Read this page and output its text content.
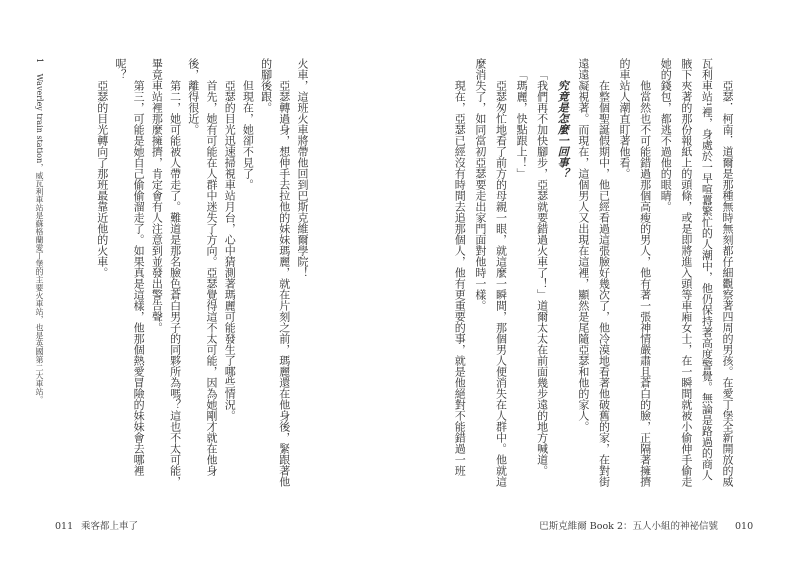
1 Waverley train station，威瓦利車站是蘇格蘭愛丁堡的主要火車站，也是英國第二大車站。
011 乘客都上車了
火車，這班火車將帶他回到巴斯克維爾學院！
亞瑟轉過身，想伸手去拉他的妹妹瑪麗，就在片刻之前，瑪麗還在他身後，緊跟著他
的腳後跟。
但現在，她卻不見了。
亞瑟的目光迅速掃視車站月台，心中猜測著瑪麗可能發生了哪些情況。
首先，她有可能在人群中迷失了方向。亞瑟覺得這不太可能，因為她剛才就在他身
後，離得很近。
第二，她可能被人帶走了。難道是那名臉色蒼白男子的同夥所為嗎？這也不太可能，
畢竟車站裡那麼擁擠，肯定會有人注意到並發出警告聲。
第三，可能是她自己偷偷溜走了。如果真是這樣，他那個熱愛冒險的妹妹會去哪裡
呢？
亞瑟的目光轉向了那班最靠近他的火車。
巴斯克維爾 Book 2：五人小組的神祕信號 010
亞瑟．柯南．道爾是那種無時無刻都仔細觀察著四周的男孩。在愛丁堡全新開放的威
瓦利車站¹裡，身處於一早喧囂繁忙的人潮中，他仍保持著高度警覺。無論是路過的商人
腋下夾著的那份報紙上的頭條，或是即將進入頭等車廂女士，在一瞬間就被小偷伸手偷走
她的錢包，都逃不過他的眼睛。
他當然也不可能錯過那個高瘦的男人，他有著一張神情嚴肅且蒼白的臉，正隔著擁擠
的車站人潮直盯著他看。
在整個聖誕假期中，他已經看過這張臉好幾次了，他冷漠地看著他破舊的家，在對街
遠遠凝視著。而現在，這個男人又出現在這裡，顯然是尾隨亞瑟和他的家人。
究竟是怎麼一回事？
「我們再不加快腳步，亞瑟就要錯過火車了！」道爾太太在前面幾步遠的地方喊道。
「瑪麗，快點跟上！」
亞瑟匆忙地看了前方的母親一眼，就這麼一瞬間，那個男人便消失在人群中。他就這
麼消失了，如同當初亞瑟要走出家門面對他時一樣。
現在，亞瑟已經沒有時間去追那個人，他有更重要的事，就是他絕對不能錯過一班
